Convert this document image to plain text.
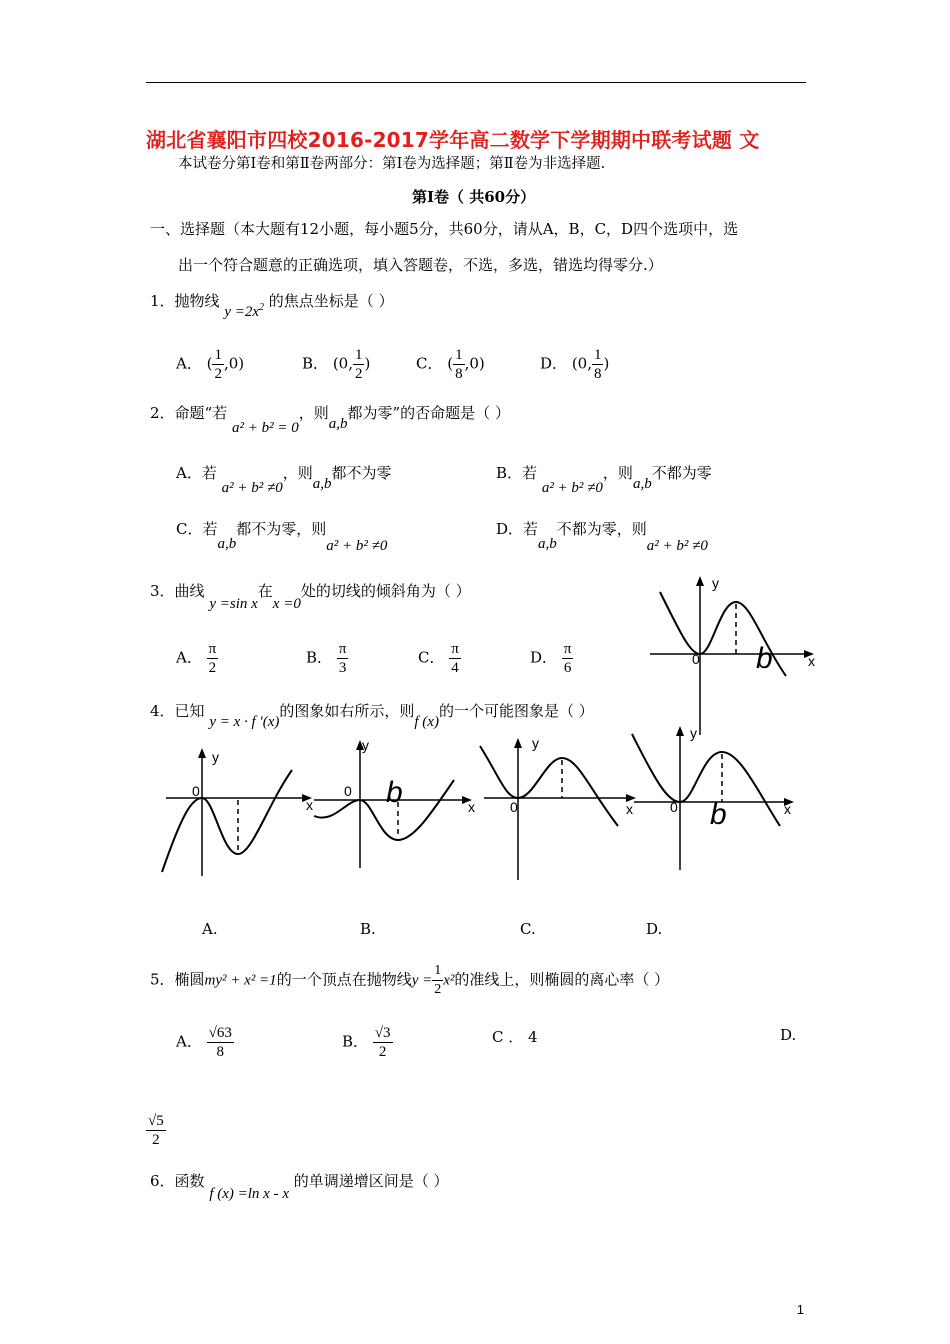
湖北省襄阳市四校2016-2017学年高二数学下学期期中联考试题 文
本试卷分第Ⅰ卷和第Ⅱ卷两部分：第Ⅰ卷为选择题；第Ⅱ卷为非选择题.
第Ⅰ卷（ 共60分）
一、选择题（本大题有12小题，每小题5分，共60分，请从A，B，C，D四个选项中，选
出一个符合题意的正确选项，填入答题卷，不选，多选，错选均得零分.）
1．抛物线 $y =2x^2$ 的焦点坐标是（ ）
A． ( $\frac{1}{2} ,0$)	B． (0, $\frac{1}{2}$ )	C． ( $\frac{1}{8} ,0$)	D． (0, $\frac{1}{8}$ )
2．命题“若 a² + b² = 0，则a,b都为零”的否命题是（ ）
A．若 a² + b² ≠0，则a,b都不为零	B．若 a² + b² ≠0，则a,b不都为零
C．若a,b都不为零，则a² + b² ≠0
D．若a,b不都为零，则a² + b² ≠0
3．曲线 y =sin x在x =0处的切线的倾斜角为（ ）
A． $\frac{\pi}{2}$	B． $\frac{\pi}{3}$	C． $\frac{\pi}{4}$	D． $\frac{\pi}{6}$
y
x
0 b
4．已知 y = x · f ′(x)的图象如右所示，则f (x)的一个可能图象是（ ）
y
x
0
y
x
0 b
y
x
0
y
x
0 b
A.	B.	C.	D.
5．椭圆my² + x² =1的一个顶点在抛物线$y = \frac{1}{2} x^2$的准线上，则椭圆的离心率（ ）
A． $\frac{√63}{8}$	B． $\frac{√3}{2}$	C ． 4	D.
$\frac{√5}{2}$
6．函数 f (x) =ln x - x 的单调递增区间是（ ）
1
